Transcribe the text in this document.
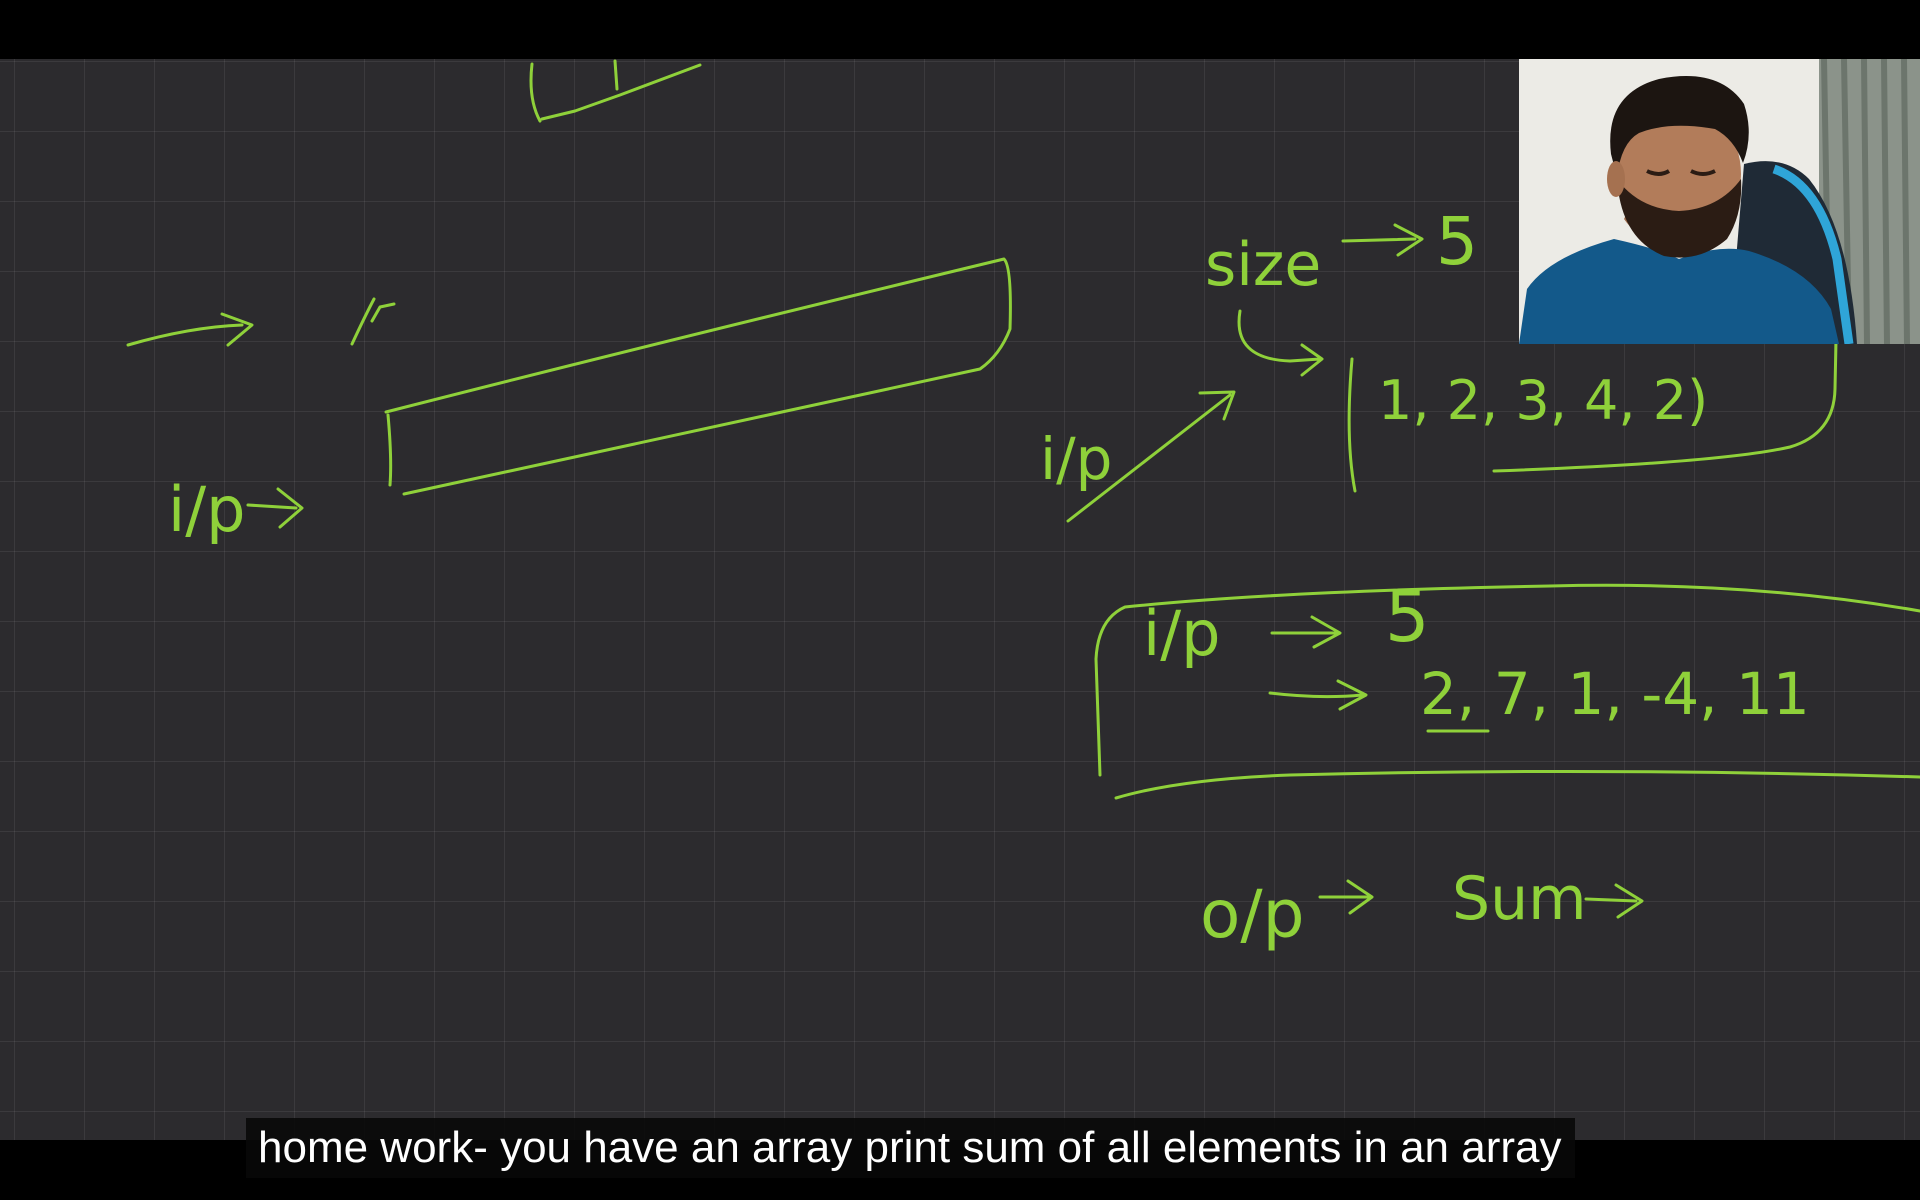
i/p
size 5
i/p
1, 2, 3, 4, 2)
i/p 5
2, 7, 1, -4, 11
o/p Sum
home work- you have an array print sum of all elements in an array
